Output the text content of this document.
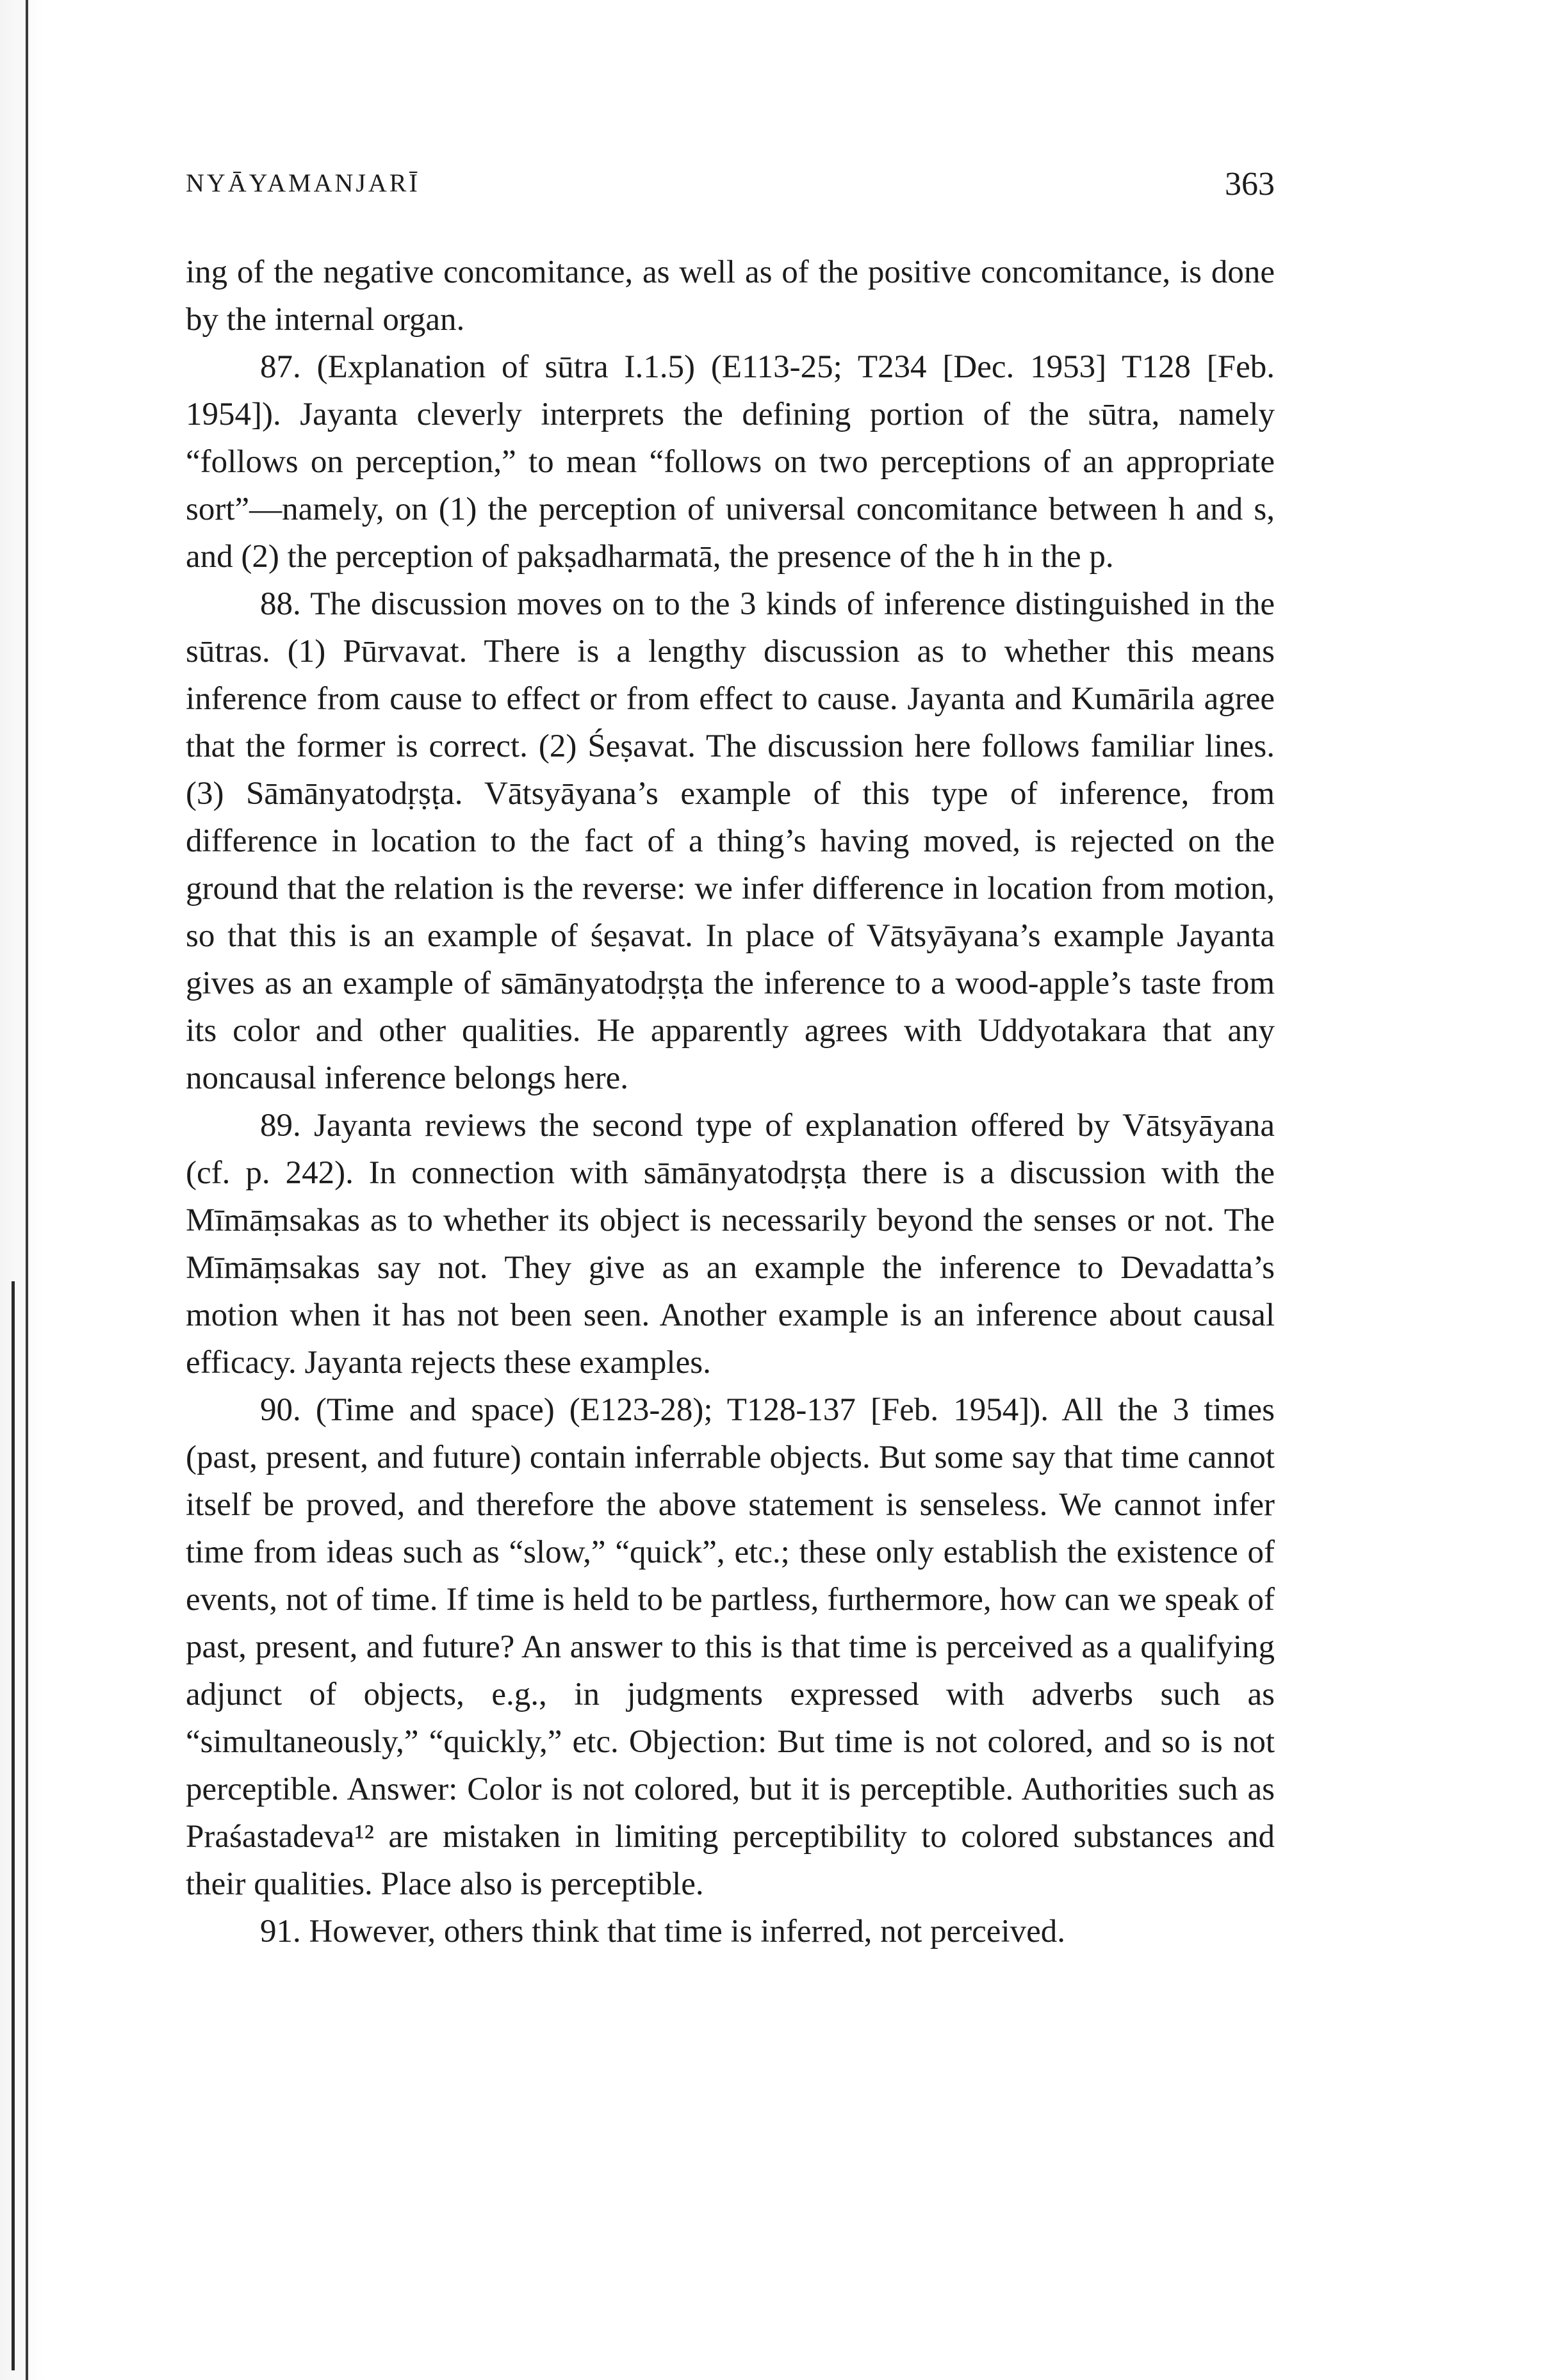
NYĀYAMANJARĪ	363

ing of the negative concomitance, as well as of the positive concomitance, is done by the internal organ.

87. (Explanation of sūtra I.1.5) (E113-25; T234 [Dec. 1953] T128 [Feb. 1954]). Jayanta cleverly interprets the defining portion of the sūtra, namely “follows on perception,” to mean “follows on two perceptions of an appropriate sort”—namely, on (1) the perception of universal concomitance between h and s, and (2) the perception of pakṣadharmatā, the presence of the h in the p.

88. The discussion moves on to the 3 kinds of inference distinguished in the sūtras. (1) Pūrvavat. There is a lengthy discussion as to whether this means inference from cause to effect or from effect to cause. Jayanta and Kumārila agree that the former is correct. (2) Śeṣavat. The discussion here follows familiar lines. (3) Sāmānyatodṛṣṭa. Vātsyāyana’s example of this type of inference, from difference in location to the fact of a thing’s having moved, is rejected on the ground that the relation is the reverse: we infer difference in location from motion, so that this is an example of śeṣavat. In place of Vātsyāyana’s example Jayanta gives as an example of sāmānyatodṛṣṭa the inference to a wood-apple’s taste from its color and other qualities. He apparently agrees with Uddyotakara that any noncausal inference belongs here.

89. Jayanta reviews the second type of explanation offered by Vātsyāyana (cf. p. 242). In connection with sāmānyatodṛṣṭa there is a discussion with the Mīmāṃsakas as to whether its object is necessarily beyond the senses or not. The Mīmāṃsakas say not. They give as an example the inference to Devadatta’s motion when it has not been seen. Another example is an inference about causal efficacy. Jayanta rejects these examples.

90. (Time and space) (E123-28); T128-137 [Feb. 1954]). All the 3 times (past, present, and future) contain inferrable objects. But some say that time cannot itself be proved, and therefore the above statement is senseless. We cannot infer time from ideas such as “slow,” “quick”, etc.; these only establish the existence of events, not of time. If time is held to be partless, furthermore, how can we speak of past, present, and future? An answer to this is that time is perceived as a qualifying adjunct of objects, e.g., in judgments expressed with adverbs such as “simultaneously,” “quickly,” etc. Objection: But time is not colored, and so is not perceptible. Answer: Color is not colored, but it is perceptible. Authorities such as Praśastadeva¹² are mistaken in limiting perceptibility to colored substances and their qualities. Place also is perceptible.

91. However, others think that time is inferred, not perceived.
